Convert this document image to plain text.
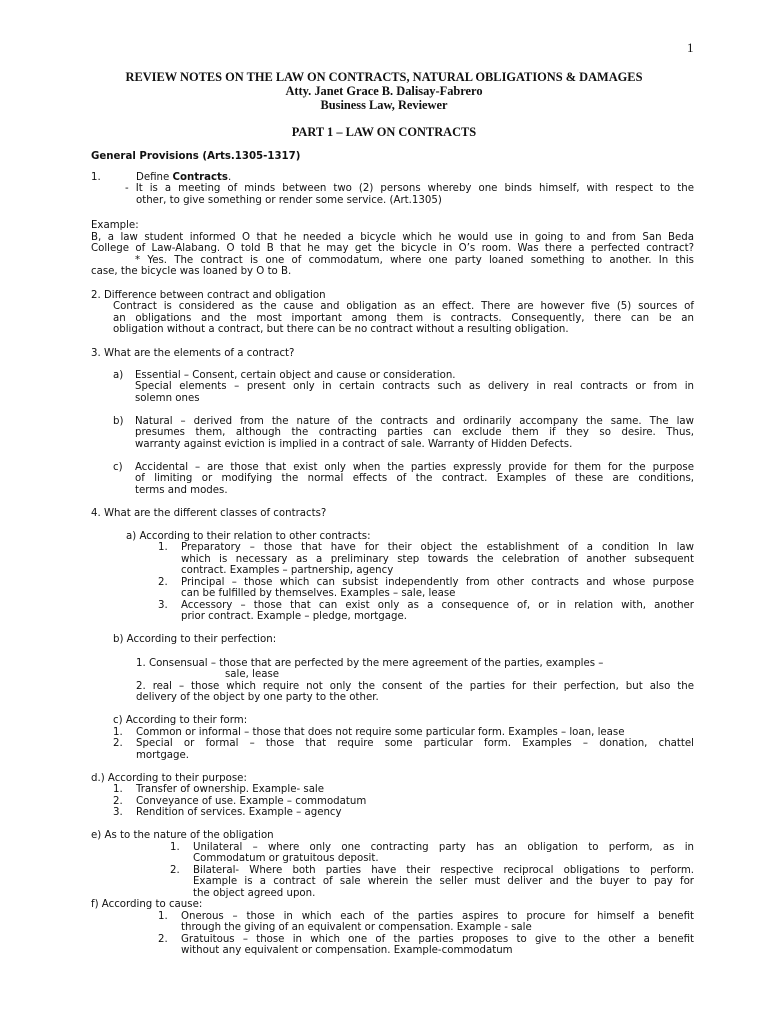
1
REVIEW NOTES ON THE LAW ON CONTRACTS, NATURAL OBLIGATIONS & DAMAGES
Atty. Janet Grace B. Dalisay-Fabrero
Business Law, Reviewer
PART 1 – LAW ON CONTRACTS
General Provisions (Arts.1305-1317)
1.	Define Contracts.
- It is a meeting of minds between two (2) persons whereby one binds himself, with respect to the
other, to give something or render some service. (Art.1305)
Example:
B, a law student informed O that he needed a bicycle which he would use in going to and from San Beda
College of Law-Alabang. O told B that he may get the bicycle in O’s room. Was there a perfected contract?
* Yes. The contract is one of commodatum, where one party loaned something to another. In this
case, the bicycle was loaned by O to B.
2. Difference between contract and obligation
Contract is considered as the cause and obligation as an effect. There are however five (5) sources of
an obligations and the most important among them is contracts. Consequently, there can be an
obligation without a contract, but there can be no contract without a resulting obligation.
3. What are the elements of a contract?
a) Essential – Consent, certain object and cause or consideration.
Special elements – present only in certain contracts such as delivery in real contracts or from in
solemn ones
b) Natural – derived from the nature of the contracts and ordinarily accompany the same. The law
presumes them, although the contracting parties can exclude them if they so desire. Thus,
warranty against eviction is implied in a contract of sale. Warranty of Hidden Defects.
c) Accidental – are those that exist only when the parties expressly provide for them for the purpose
of limiting or modifying the normal effects of the contract. Examples of these are conditions,
terms and modes.
4. What are the different classes of contracts?
a) According to their relation to other contracts:
1. Preparatory – those that have for their object the establishment of a condition In law
which is necessary as a preliminary step towards the celebration of another subsequent
contract. Examples – partnership, agency
2. Principal – those which can subsist independently from other contracts and whose purpose
can be fulfilled by themselves. Examples – sale, lease
3. Accessory – those that can exist only as a consequence of, or in relation with, another
prior contract. Example – pledge, mortgage.
b) According to their perfection:
1. Consensual – those that are perfected by the mere agreement of the parties, examples –
sale, lease
2. real – those which require not only the consent of the parties for their perfection, but also the
delivery of the object by one party to the other.
c) According to their form:
1. Common or informal – those that does not require some particular form. Examples – loan, lease
2. Special or formal – those that require some particular form. Examples – donation, chattel
mortgage.
d.) According to their purpose:
1. Transfer of ownership. Example- sale
2. Conveyance of use. Example – commodatum
3. Rendition of services. Example – agency
e) As to the nature of the obligation
1. Unilateral – where only one contracting party has an obligation to perform, as in
Commodatum or gratuitous deposit.
2. Bilateral- Where both parties have their respective reciprocal obligations to perform.
Example is a contract of sale wherein the seller must deliver and the buyer to pay for
the object agreed upon.
f) According to cause:
1. Onerous – those in which each of the parties aspires to procure for himself a benefit
through the giving of an equivalent or compensation. Example - sale
2. Gratuitous – those in which one of the parties proposes to give to the other a benefit
without any equivalent or compensation. Example-commodatum
